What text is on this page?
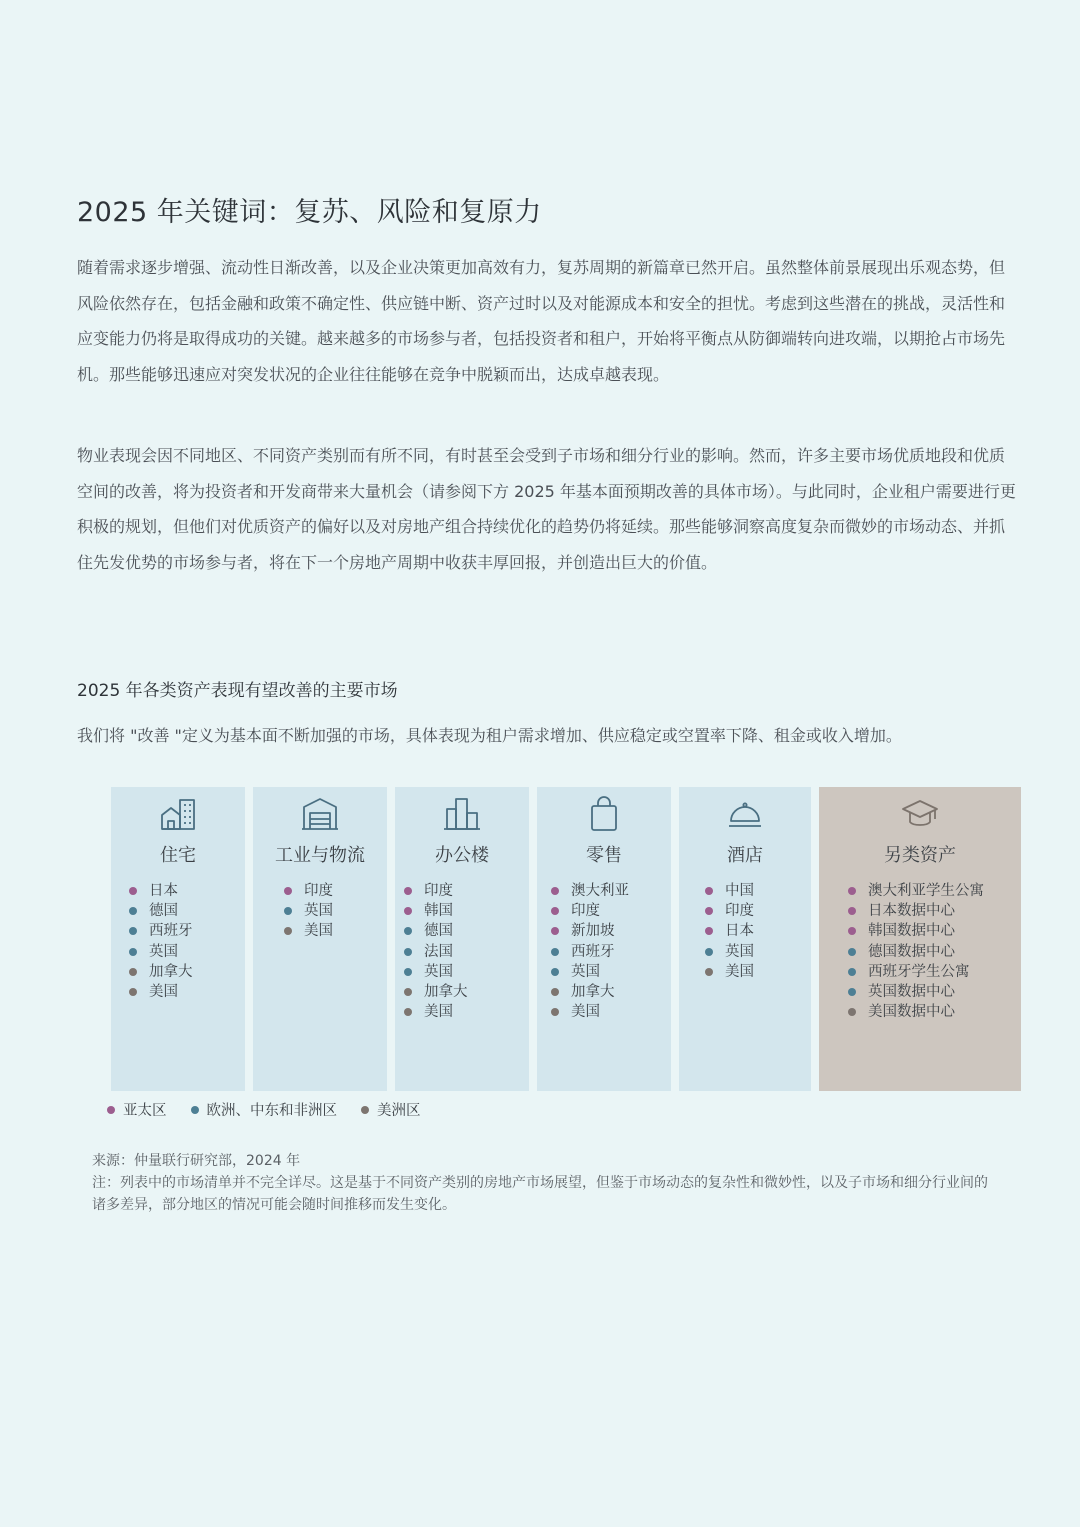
2025 年关键词：复苏、风险和复原力

随着需求逐步增强、流动性日渐改善，以及企业决策更加高效有力，复苏周期的新篇章已然开启。虽然整体前景展现出乐观态势，但风险依然存在，包括金融和政策不确定性、供应链中断、资产过时以及对能源成本和安全的担忧。考虑到这些潜在的挑战，灵活性和应变能力仍将是取得成功的关键。越来越多的市场参与者，包括投资者和租户，开始将平衡点从防御端转向进攻端，以期抢占市场先机。那些能够迅速应对突发状况的企业往往能够在竞争中脱颖而出，达成卓越表现。

物业表现会因不同地区、不同资产类别而有所不同，有时甚至会受到子市场和细分行业的影响。然而，许多主要市场优质地段和优质空间的改善，将为投资者和开发商带来大量机会（请参阅下方 2025 年基本面预期改善的具体市场）。与此同时，企业租户需要进行更积极的规划，但他们对优质资产的偏好以及对房地产组合持续优化的趋势仍将延续。那些能够洞察高度复杂而微妙的市场动态、并抓住先发优势的市场参与者，将在下一个房地产周期中收获丰厚回报，并创造出巨大的价值。

2025 年各类资产表现有望改善的主要市场

我们将 "改善 "定义为基本面不断加强的市场，具体表现为租户需求增加、供应稳定或空置率下降、租金或收入增加。

住宅
日本
德国
西班牙
英国
加拿大
美国
工业与物流
印度
英国
美国
办公楼
印度
韩国
德国
法国
英国
加拿大
美国
零售
澳大利亚
印度
新加坡
西班牙
英国
加拿大
美国
酒店
中国
印度
日本
英国
美国
另类资产
澳大利亚学生公寓
日本数据中心
韩国数据中心
德国数据中心
西班牙学生公寓
英国数据中心
美国数据中心
亚太区	欧洲、中东和非洲区	美洲区

来源：仲量联行研究部，2024 年
注：列表中的市场清单并不完全详尽。这是基于不同资产类别的房地产市场展望，但鉴于市场动态的复杂性和微妙性，以及子市场和细分行业间的诸多差异，部分地区的情况可能会随时间推移而发生变化。
